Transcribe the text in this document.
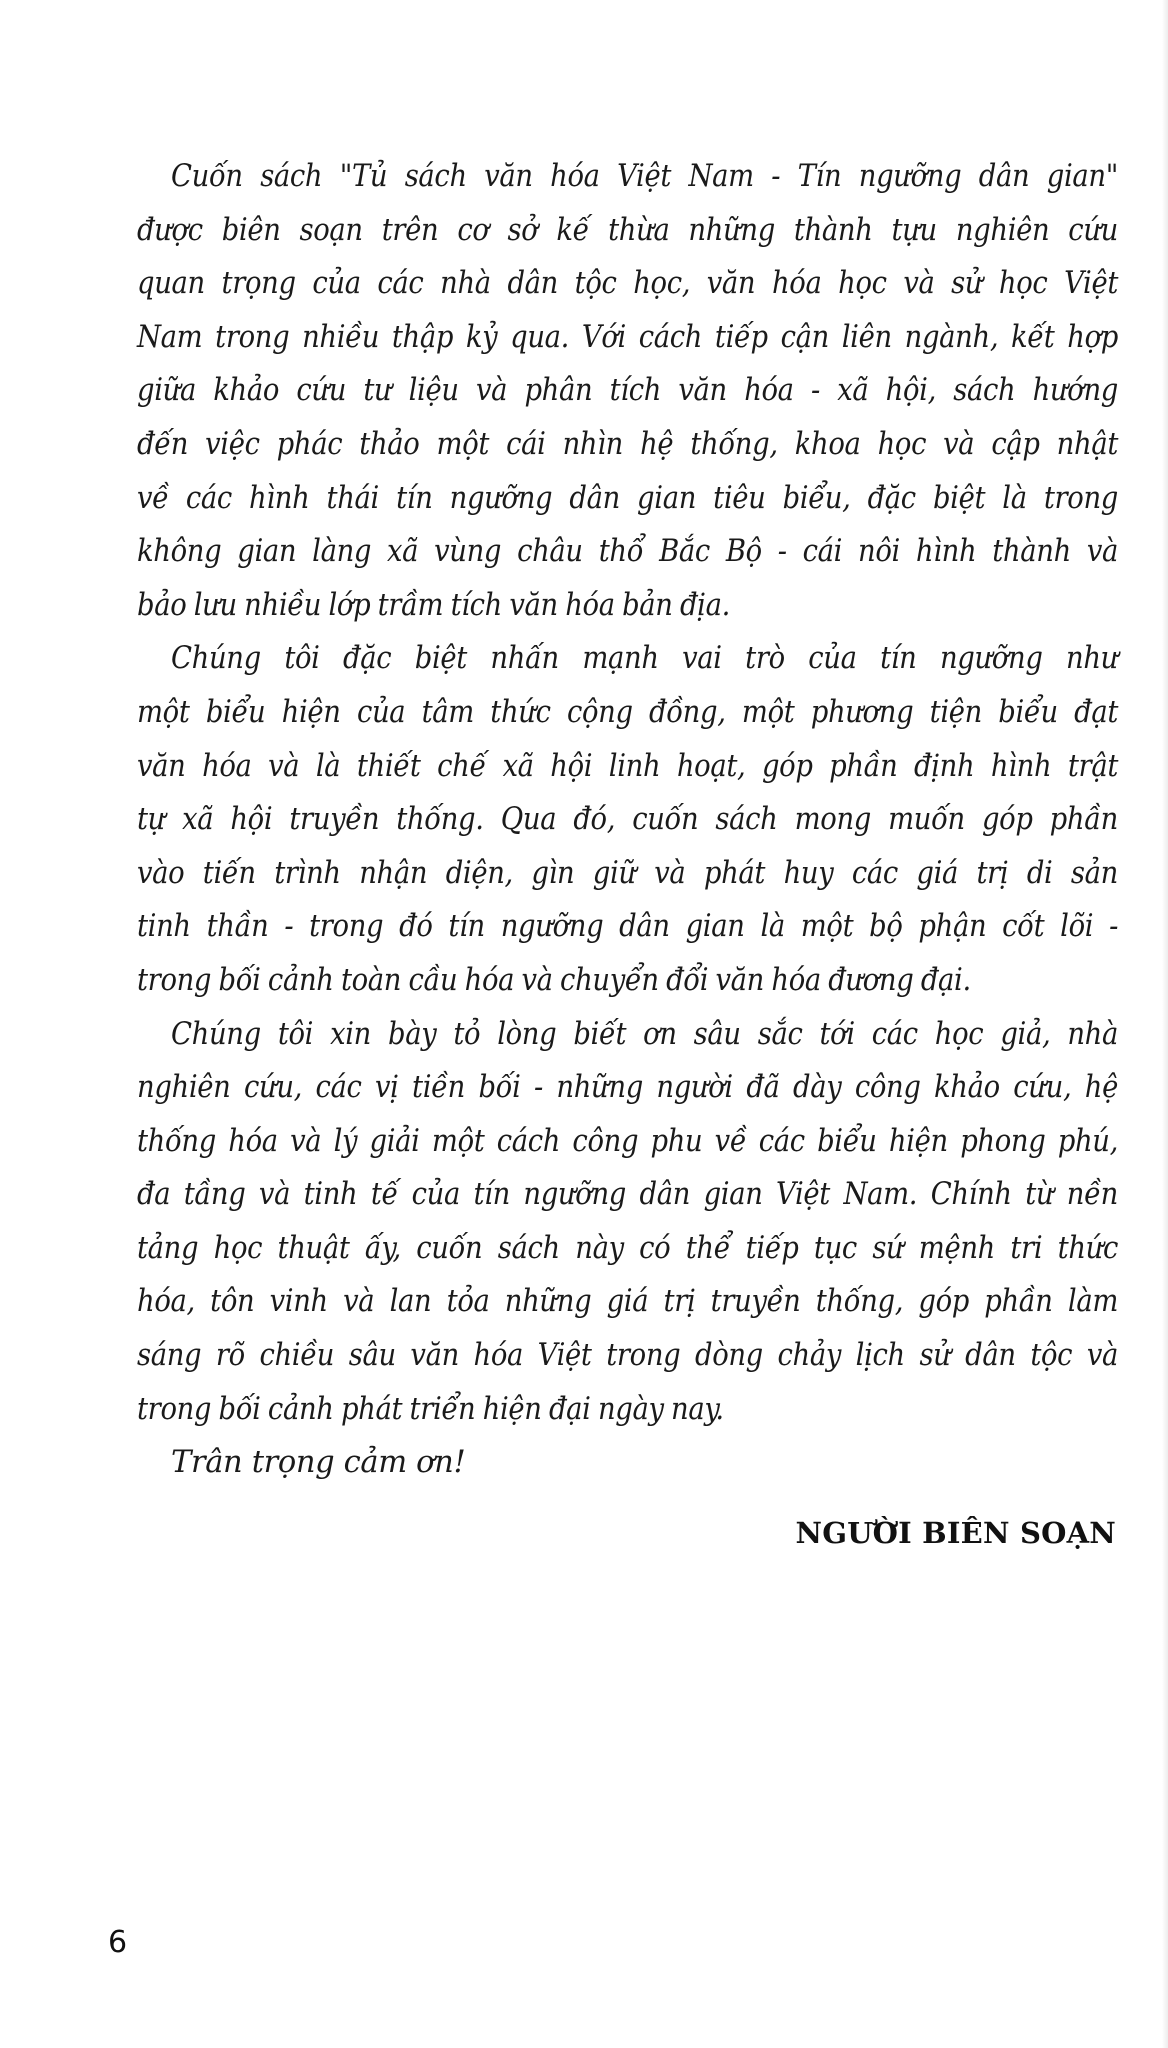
Cuốn sách "Tủ sách văn hóa Việt Nam - Tín ngưỡng dân gian"
được biên soạn trên cơ sở kế thừa những thành tựu nghiên cứu
quan trọng của các nhà dân tộc học, văn hóa học và sử học Việt
Nam trong nhiều thập kỷ qua. Với cách tiếp cận liên ngành, kết hợp
giữa khảo cứu tư liệu và phân tích văn hóa - xã hội, sách hướng
đến việc phác thảo một cái nhìn hệ thống, khoa học và cập nhật
về các hình thái tín ngưỡng dân gian tiêu biểu, đặc biệt là trong
không gian làng xã vùng châu thổ Bắc Bộ - cái nôi hình thành và
bảo lưu nhiều lớp trầm tích văn hóa bản địa.

Chúng tôi đặc biệt nhấn mạnh vai trò của tín ngưỡng như
một biểu hiện của tâm thức cộng đồng, một phương tiện biểu đạt
văn hóa và là thiết chế xã hội linh hoạt, góp phần định hình trật
tự xã hội truyền thống. Qua đó, cuốn sách mong muốn góp phần
vào tiến trình nhận diện, gìn giữ và phát huy các giá trị di sản
tinh thần - trong đó tín ngưỡng dân gian là một bộ phận cốt lõi -
trong bối cảnh toàn cầu hóa và chuyển đổi văn hóa đương đại.

Chúng tôi xin bày tỏ lòng biết ơn sâu sắc tới các học giả, nhà
nghiên cứu, các vị tiền bối - những người đã dày công khảo cứu, hệ
thống hóa và lý giải một cách công phu về các biểu hiện phong phú,
đa tầng và tinh tế của tín ngưỡng dân gian Việt Nam. Chính từ nền
tảng học thuật ấy, cuốn sách này có thể tiếp tục sứ mệnh tri thức
hóa, tôn vinh và lan tỏa những giá trị truyền thống, góp phần làm
sáng rõ chiều sâu văn hóa Việt trong dòng chảy lịch sử dân tộc và
trong bối cảnh phát triển hiện đại ngày nay.

Trân trọng cảm ơn!

NGƯỜI BIÊN SOẠN
6
